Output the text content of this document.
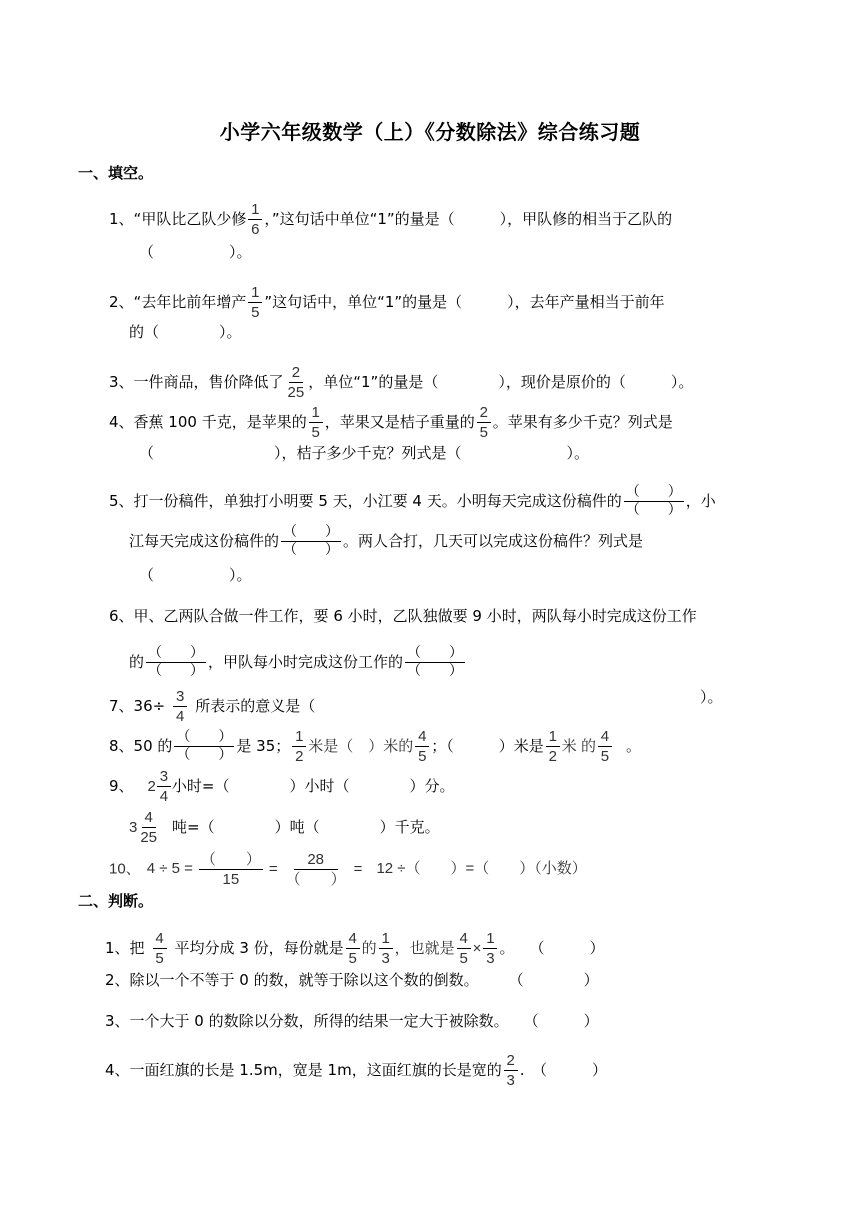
小学六年级数学（上）《分数除法》综合练习题
一、填空。
1、“甲队比乙队少修 $\frac{1}{6}$ ，”这句话中单位“1”的量是（　　　），甲队修的相当于乙队的
（　　　　　）。
2、“去年比前年增产 $\frac{1}{5}$ ”这句话中，单位“1”的量是（　　　），去年产量相当于前年
的（　　　　）。
3、一件商品，售价降低了 $\frac{2}{25}$ ，单位“1”的量是（　　　　），现价是原价的（　　　）。
4、香蕉 100 千克，是苹果的 $\frac{1}{5}$ ，苹果又是桔子重量的 $\frac{2}{5}$ 。苹果有多少千克？列式是
（　　　　　　　　），桔子多少千克？列式是（　　　　　　　）。
5、打一份稿件，单独打小明要 5 天，小江要 4 天。小明每天完成这份稿件的 $\frac{( )}{( )}$ ，小
江每天完成这份稿件的 $\frac{( )}{( )}$ 。两人合打，几天可以完成这份稿件？列式是
（　　　　　）。
6、甲、乙两队合做一件工作，要 6 小时，乙队独做要 9 小时，两队每小时完成这份工作
的 $\frac{( )}{( )}$ ，甲队每小时完成这份工作的 $\frac{( )}{( )}$
7、$36\div \frac{3}{4}$ 所表示的意义是（	）。
8、50 的 $\frac{( )}{( )}$ 是 35； $\frac{1}{2}$ 米是（　）米的 $\frac{4}{5}$ ；（　　　）米是 $\frac{1}{2}$ 米 的 $\frac{4}{5}$ 。
9、 $2 \frac{3}{4}$ 小时=（　　　　）小时（　　　　）分。
$3 \frac{4}{25}$ 吨=（　　　　）吨（　　　　）千克。
10、 $4 \div 5 = \frac{( )}{15} = \frac{28}{( )} = 12$ ÷（　　）=（　　）（小数）
二、判断。
1、把 $\frac{4}{5}$ 平均分成 3 份，每份就是 $\frac{4}{5}$ 的 $\frac{1}{3}$ ，也就是 $\frac{4}{5} \times \frac{1}{3}$ 。　　（　　　）
2、除以一个不等于 0 的数，就等于除以这个数的倒数。　　　（　　　　）
3、一个大于 0 的数除以分数，所得的结果一定大于被除数。　　（　　　）
4、一面红旗的长是 1.5m，宽是 1m，这面红旗的长是宽的 $\frac{2}{3}$ .　（　　　）
